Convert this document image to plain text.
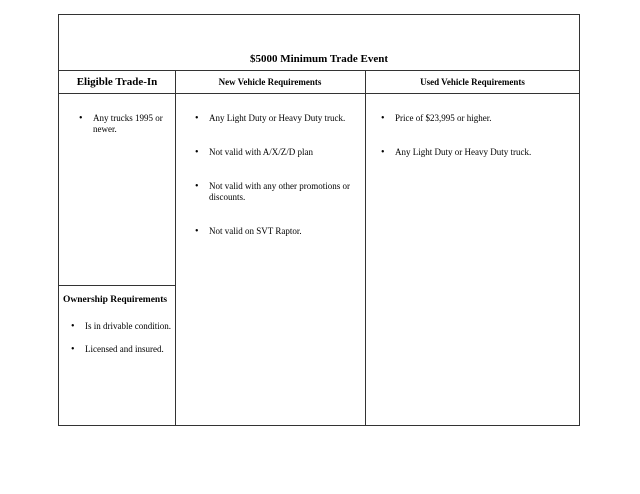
$5000 Minimum Trade Event
Eligible Trade-In	New Vehicle Requirements	Used Vehicle Requirements
• Any trucks 1995 or newer.
• Any Light Duty or Heavy Duty truck.
• Not valid with A/X/Z/D plan
• Not valid with any other promotions or discounts.
• Not valid on SVT Raptor.
• Price of $23,995 or higher.
• Any Light Duty or Heavy Duty truck.
Ownership Requirements
• Is in drivable condition.
• Licensed and insured.
